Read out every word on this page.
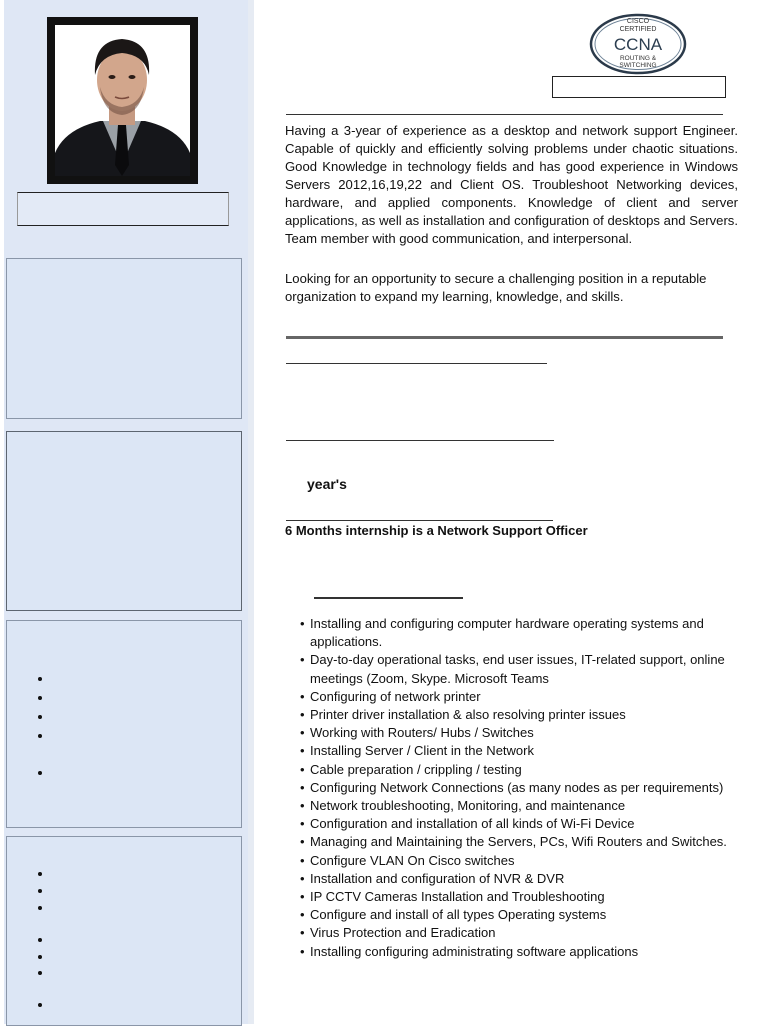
CISCO
CERTIFIED
CCNA
ROUTING &
SWITCHING

Having a 3-year of experience as a desktop and network support Engineer. Capable of quickly and efficiently solving problems under chaotic situations. Good Knowledge in technology fields and has good experience in Windows Servers 2012,16,19,22 and Client OS. Troubleshoot Networking devices, hardware, and applied components. Knowledge of client and server applications, as well as installation and configuration of desktops and Servers. Team member with good communication, and interpersonal.

Looking for an opportunity to secure a challenging position in a reputable organization to expand my learning, knowledge, and skills.

year's
6 Months internship is a Network Support Officer
• Installing and configuring computer hardware operating systems and applications.
• Day-to-day operational tasks, end user issues, IT-related support, online meetings (Zoom, Skype. Microsoft Teams
• Configuring of network printer
• Printer driver installation & also resolving printer issues
• Working with Routers/ Hubs / Switches
• Installing Server / Client in the Network
• Cable preparation / crippling / testing
• Configuring Network Connections (as many nodes as per requirements)
• Network troubleshooting, Monitoring, and maintenance
• Configuration and installation of all kinds of Wi-Fi Device
• Managing and Maintaining the Servers, PCs, Wifi Routers and Switches.
• Configure VLAN On Cisco switches
• Installation and configuration of NVR & DVR
• IP CCTV Cameras Installation and Troubleshooting
• Configure and install of all types Operating systems
• Virus Protection and Eradication
• Installing configuring administrating software applications
